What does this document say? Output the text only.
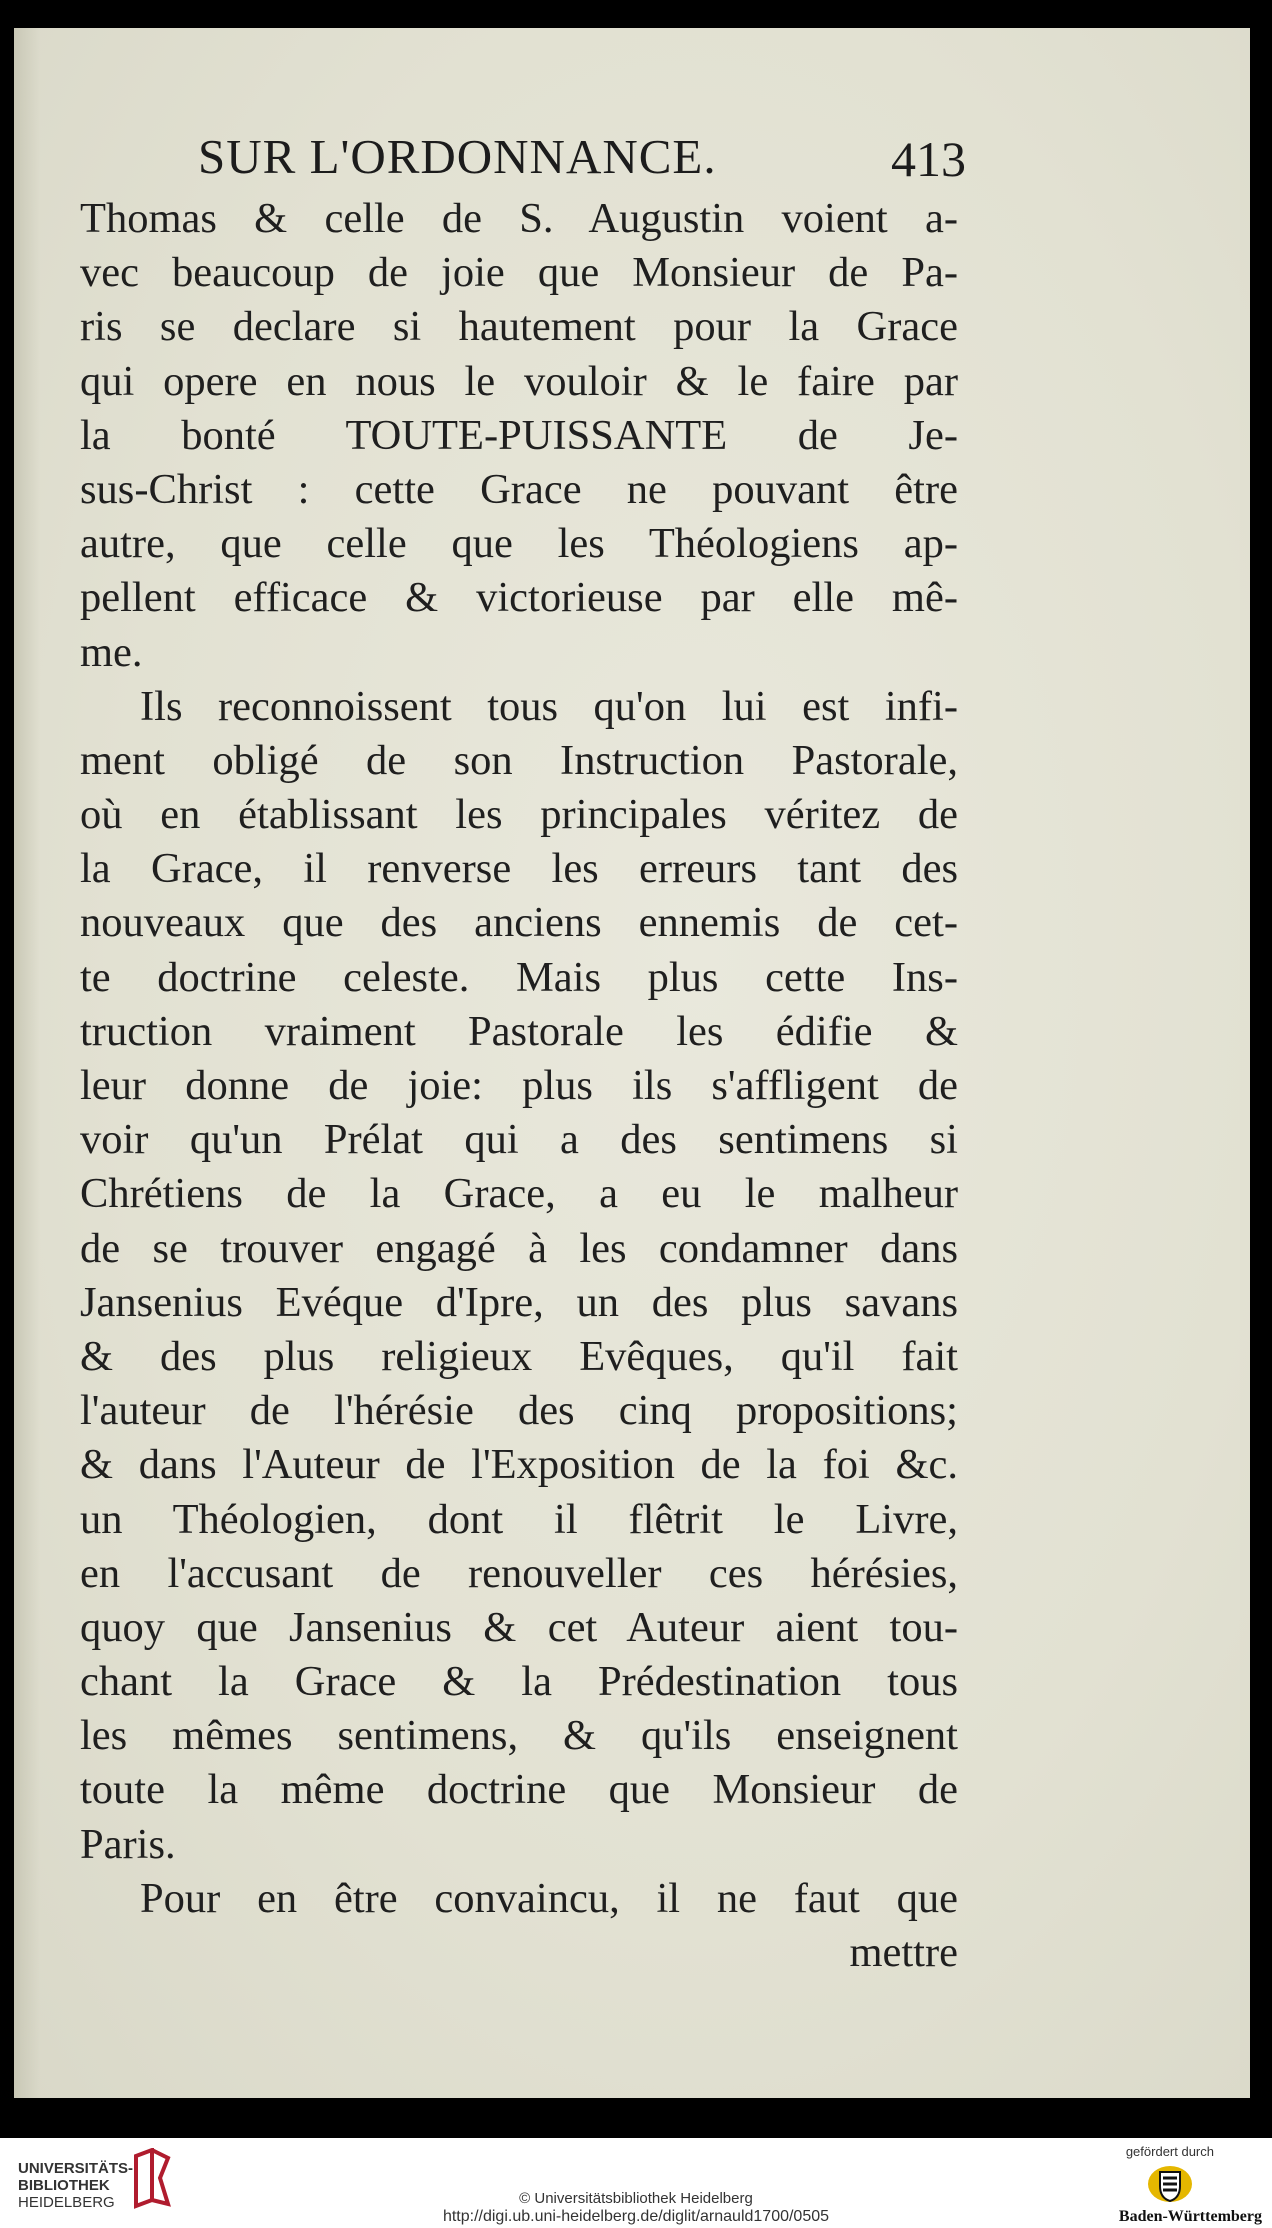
SUR L'ORDONNANCE.	413
Thomas & celle de S. Augustin voient a-
vec beaucoup de joie que Monsieur de Pa-
ris se declare si hautement pour la Grace
qui opere en nous le vouloir & le faire par
la bonté TOUTE-PUISSANTE de Je-
sus-Christ : cette Grace ne pouvant être
autre, que celle que les Théologiens ap-
pellent efficace & victorieuse par elle mê-
me.
Ils reconnoissent tous qu'on lui est infi-
ment obligé de son Instruction Pastorale,
où en établissant les principales véritez de
la Grace, il renverse les erreurs tant des
nouveaux que des anciens ennemis de cet-
te doctrine celeste. Mais plus cette Ins-
truction vraiment Pastorale les édifie &
leur donne de joie: plus ils s'affligent de
voir qu'un Prélat qui a des sentimens si
Chrétiens de la Grace, a eu le malheur
de se trouver engagé à les condamner dans
Jansenius Evéque d'Ipre, un des plus savans
& des plus religieux Evêques, qu'il fait
l'auteur de l'hérésie des cinq propositions;
& dans l'Auteur de l'Exposition de la foi &c.
un Théologien, dont il flêtrit le Livre,
en l'accusant de renouveller ces hérésies,
quoy que Jansenius & cet Auteur aient tou-
chant la Grace & la Prédestination tous
les mêmes sentimens, & qu'ils enseignent
toute la même doctrine que Monsieur de
Paris.
Pour en être convaincu, il ne faut que
mettre
UNIVERSITÄTS-
BIBLIOTHEK
HEIDELBERG	© Universitätsbibliothek Heidelberg
http://digi.ub.uni-heidelberg.de/diglit/arnauld1700/0505
gefördert durch
Baden-Württemberg
